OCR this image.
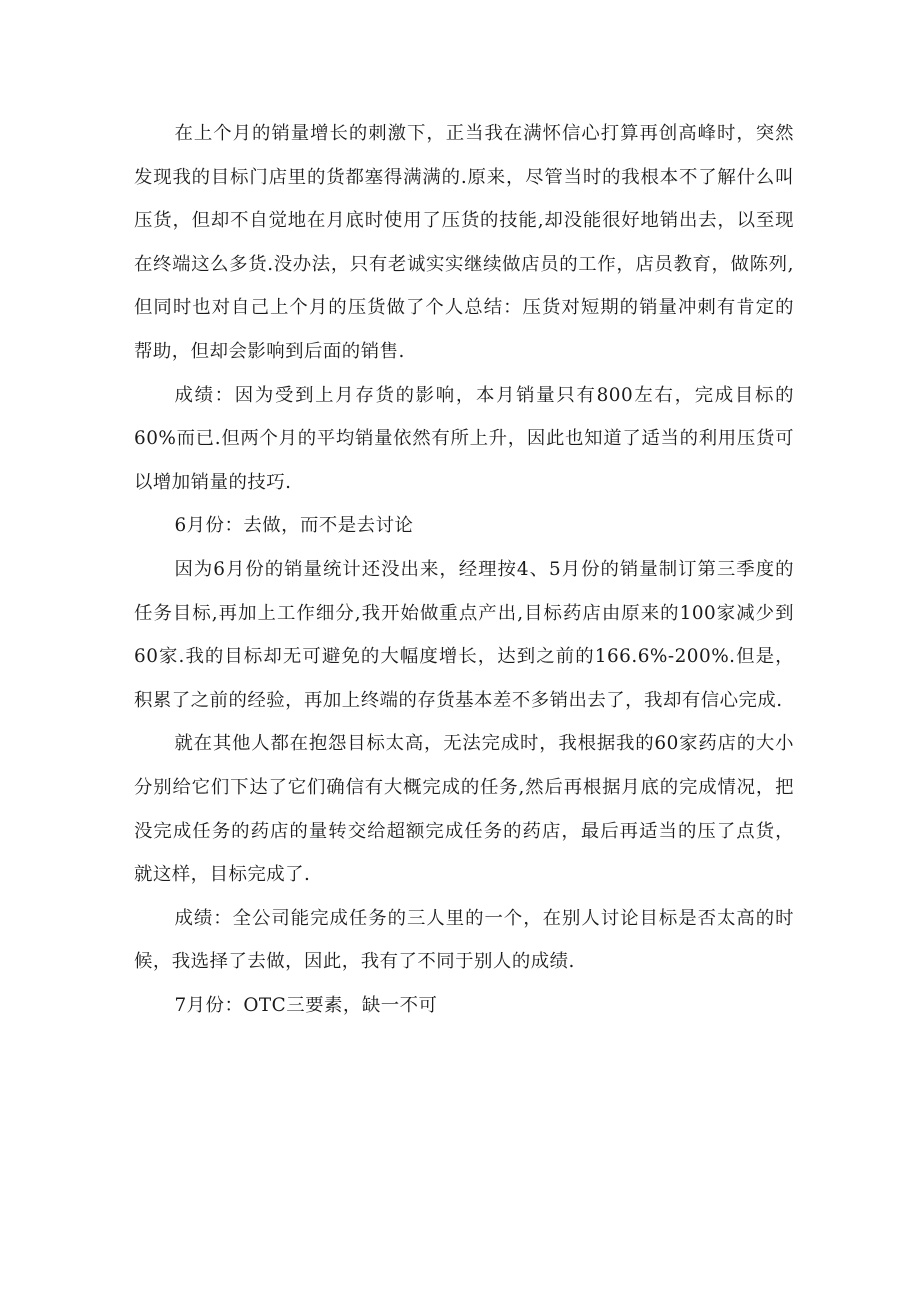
在上个月的销量增长的刺激下，正当我在满怀信心打算再创高峰时，突然发现我的目标门店里的货都塞得满满的.原来，尽管当时的我根本不了解什么叫压货，但却不自觉地在月底时使用了压货的技能,却没能很好地销出去，以至现在终端这么多货.没办法，只有老诚实实继续做店员的工作，店员教育，做陈列,但同时也对自己上个月的压货做了个人总结：压货对短期的销量冲刺有肯定的帮助，但却会影响到后面的销售.

成绩：因为受到上月存货的影响，本月销量只有800左右，完成目标的60%而已.但两个月的平均销量依然有所上升，因此也知道了适当的利用压货可以增加销量的技巧.

6月份：去做，而不是去讨论

因为6月份的销量统计还没出来，经理按4、5月份的销量制订第三季度的任务目标,再加上工作细分,我开始做重点产出,目标药店由原来的100家减少到60家.我的目标却无可避免的大幅度增长，达到之前的166.6%-200%.但是，积累了之前的经验，再加上终端的存货基本差不多销出去了，我却有信心完成.

就在其他人都在抱怨目标太高，无法完成时，我根据我的60家药店的大小分别给它们下达了它们确信有大概完成的任务,然后再根据月底的完成情况，把没完成任务的药店的量转交给超额完成任务的药店，最后再适当的压了点货，就这样，目标完成了.

成绩：全公司能完成任务的三人里的一个，在别人讨论目标是否太高的时候，我选择了去做，因此，我有了不同于别人的成绩.

7月份：OTC三要素，缺一不可
